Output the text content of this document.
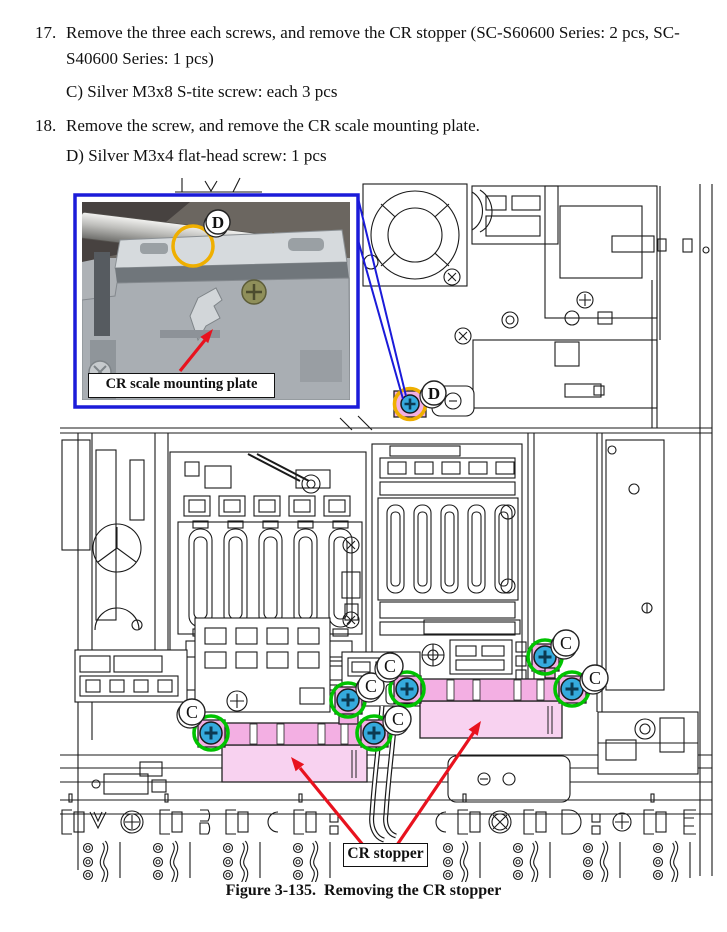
17. Remove the three each screws, and remove the CR stopper (SC-S60600 Series: 2 pcs, SC-S40600 Series: 1 pcs)
C) Silver M3x8 S-tite screw: each 3 pcs
18. Remove the screw, and remove the CR scale mounting plate.
D) Silver M3x4 flat-head screw: 1 pcs
D
D
C
C
C
C
C
C
CR scale mounting plate
CR stopper
Figure 3-135.  Removing the CR stopper
